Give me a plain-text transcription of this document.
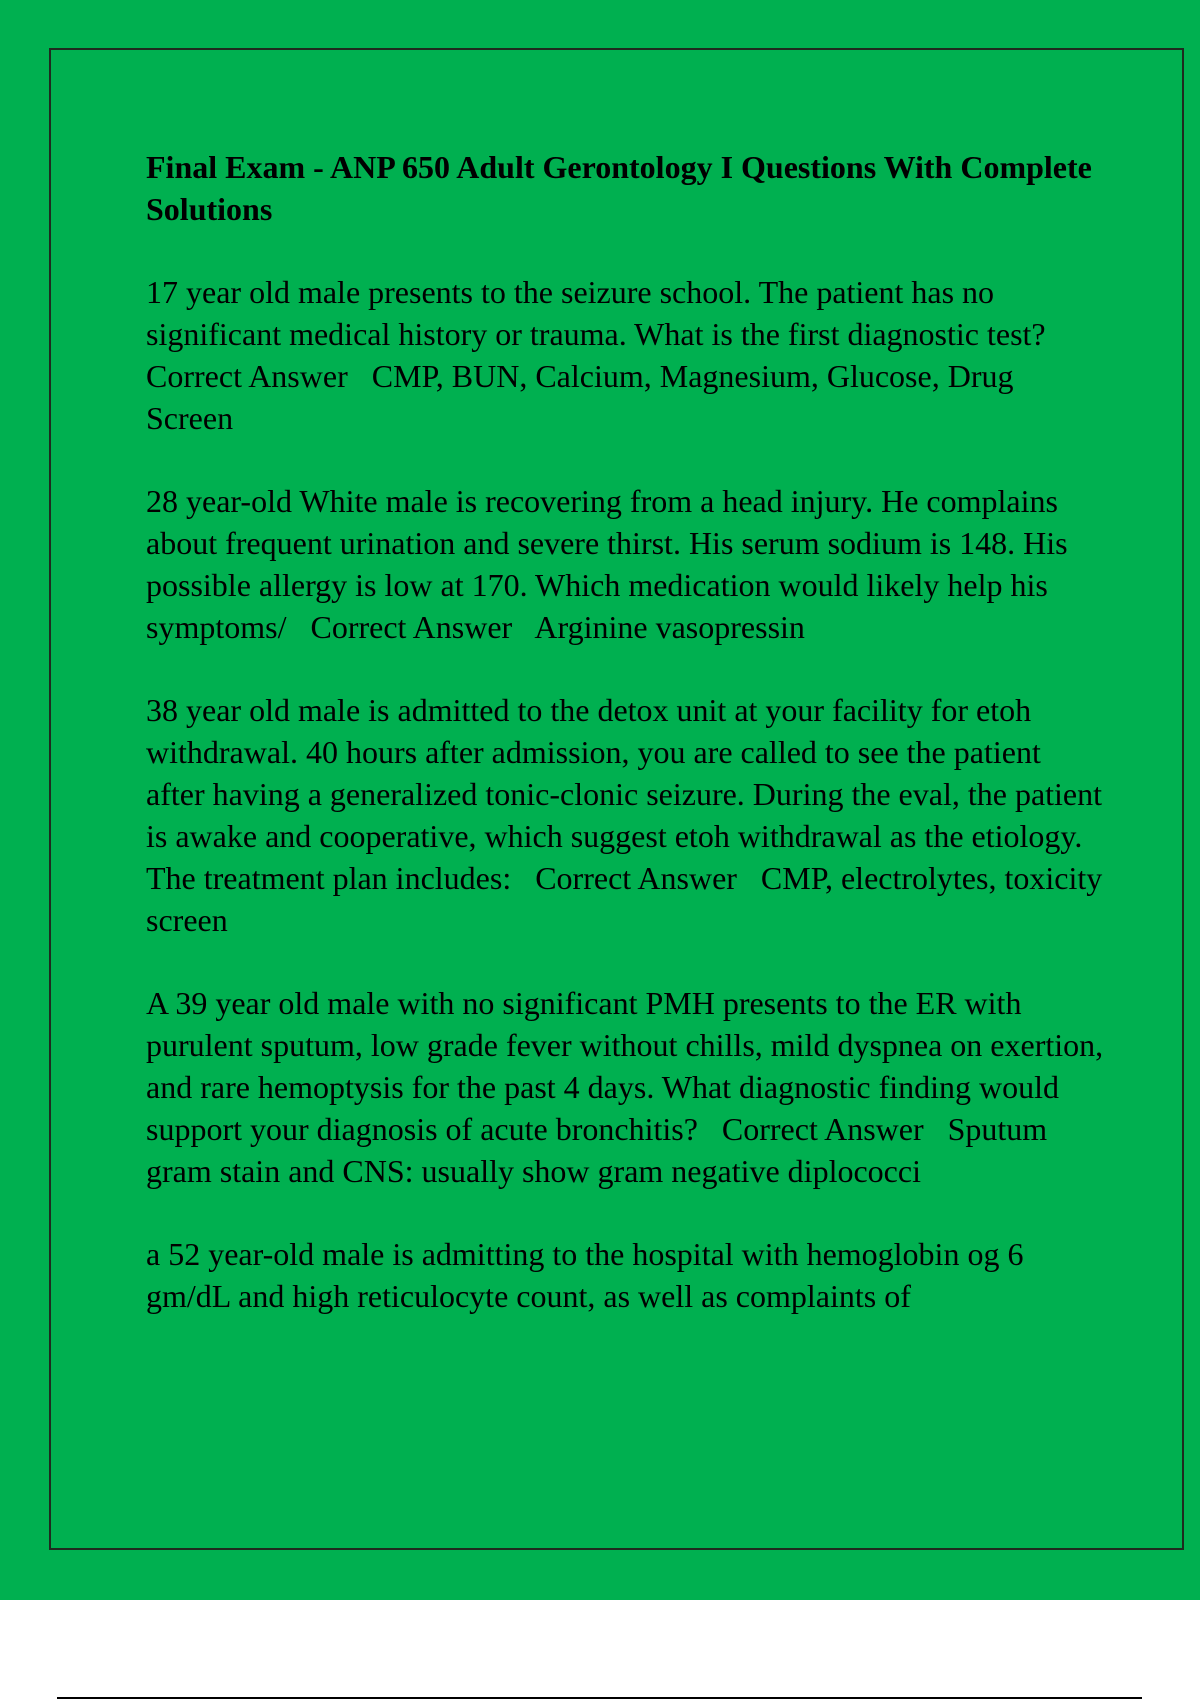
Final Exam - ANP 650 Adult Gerontology I Questions With Complete Solutions
17 year old male presents to the seizure school. The patient has no significant medical history or trauma. What is the first diagnostic test?   Correct Answer CMP, BUN, Calcium, Magnesium, Glucose, Drug Screen
28 year-old White male is recovering from a head injury. He complains about frequent urination and severe thirst. His serum sodium is 148. His possible allergy is low at 170. Which medication would likely help his symptoms/ Correct Answer Arginine vasopressin
38 year old male is admitted to the detox unit at your facility for etoh withdrawal. 40 hours after admission, you are called to see the patient after having a generalized tonic-clonic seizure. During the eval, the patient is awake and cooperative, which suggest etoh withdrawal as the etiology. The treatment plan includes: Correct Answer CMP, electrolytes, toxicity screen
A 39 year old male with no significant PMH presents to the ER with purulent sputum, low grade fever without chills, mild dyspnea on exertion, and rare hemoptysis for the past 4 days. What diagnostic finding would support your diagnosis of acute bronchitis? Correct Answer Sputum gram stain and CNS: usually show gram negative diplococci
a 52 year-old male is admitting to the hospital with hemoglobin og 6 gm/dL and high reticulocyte count, as well as complaints of
